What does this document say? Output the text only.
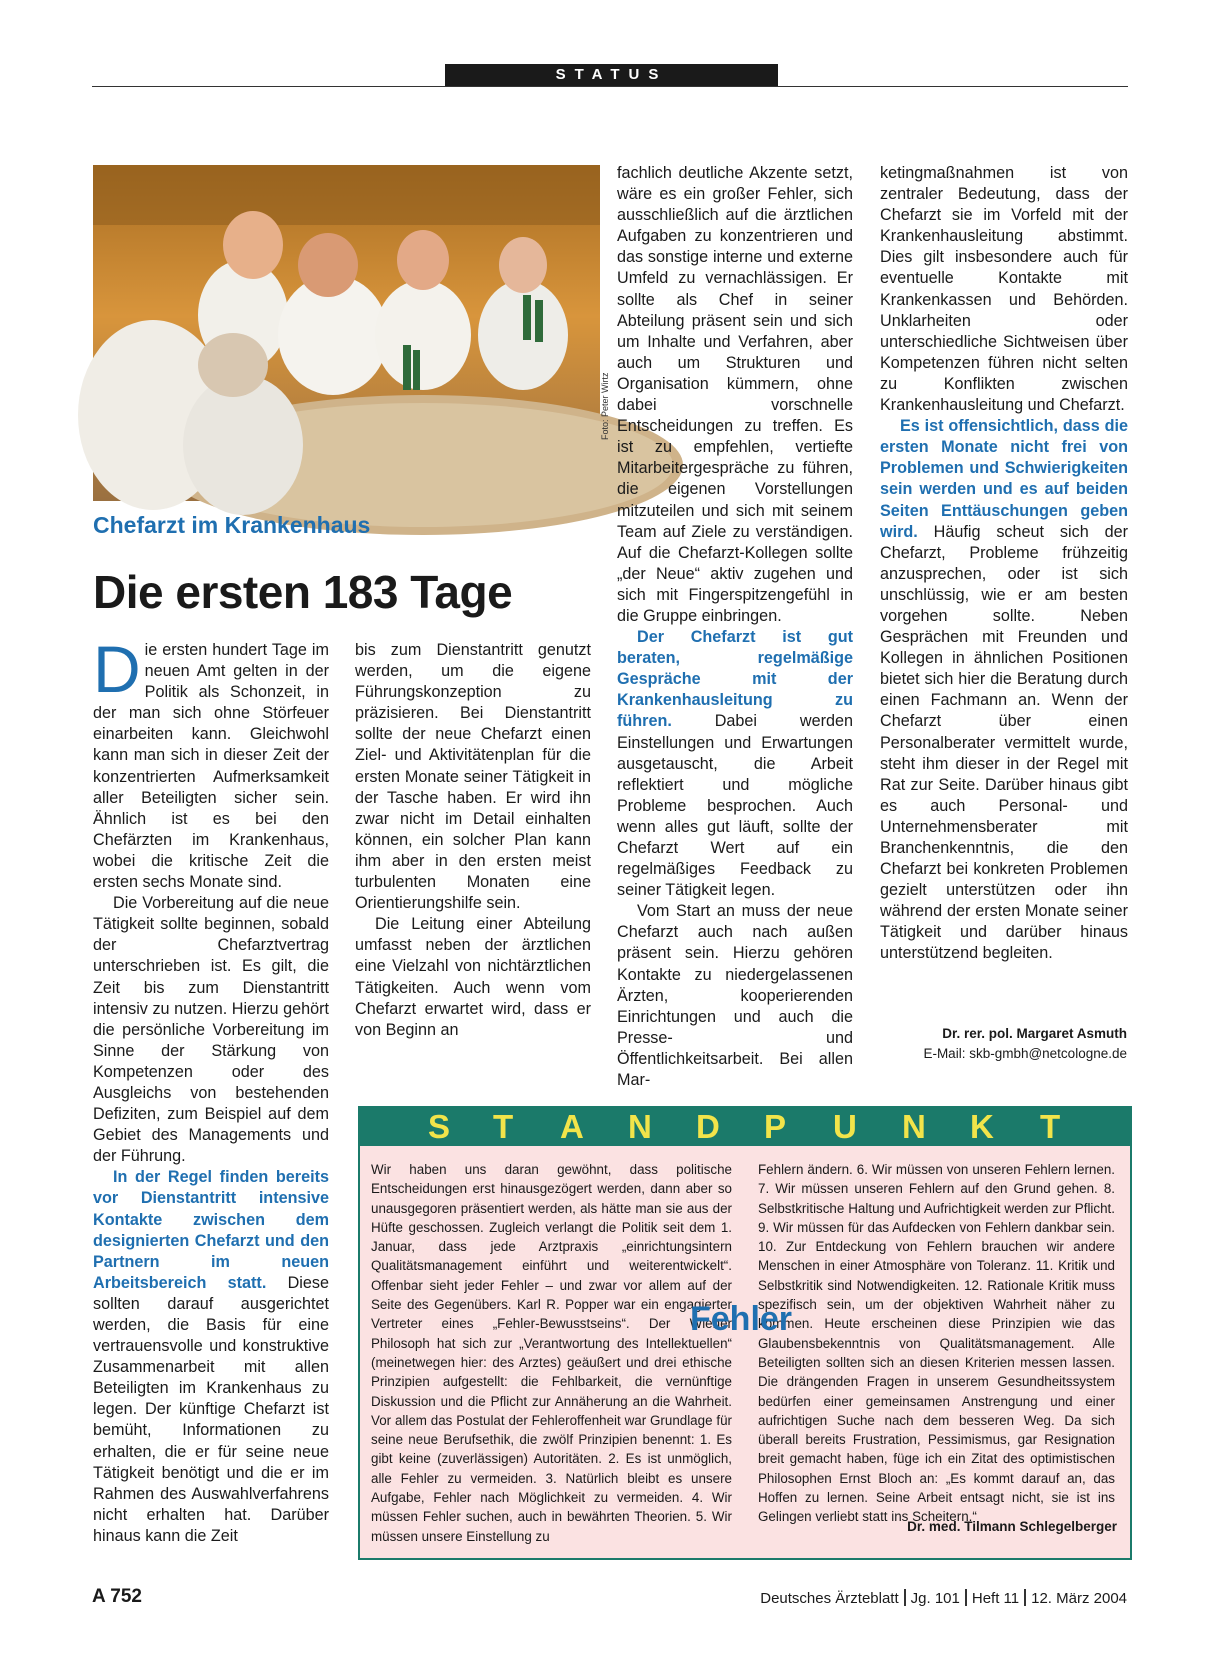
STATUS
Foto: Peter Wirtz
Chefarzt im Krankenhaus
Die ersten 183 Tage

Die ersten hundert Tage im neuen Amt gelten in der Politik als Schonzeit, in der man sich ohne Störfeuer einarbeiten kann. Gleichwohl kann man sich in dieser Zeit der konzentrierten Aufmerksamkeit aller Beteiligten sicher sein. Ähnlich ist es bei den Chefärzten im Krankenhaus, wobei die kritische Zeit die ersten sechs Monate sind.

Die Vorbereitung auf die neue Tätigkeit sollte beginnen, sobald der Chefarztvertrag unterschrieben ist. Es gilt, die Zeit bis zum Dienstantritt intensiv zu nutzen. Hierzu gehört die persönliche Vorbereitung im Sinne der Stärkung von Kompetenzen oder des Ausgleichs von bestehenden Defiziten, zum Beispiel auf dem Gebiet des Managements und der Führung.

In der Regel finden bereits vor Dienstantritt intensive Kontakte zwischen dem designierten Chefarzt und den Partnern im neuen Arbeitsbereich statt. Diese sollten darauf ausgerichtet werden, die Basis für eine vertrauensvolle und konstruktive Zusammenarbeit mit allen Beteiligten im Krankenhaus zu legen. Der künftige Chefarzt ist bemüht, Informationen zu erhalten, die er für seine neue Tätigkeit benötigt und die er im Rahmen des Auswahlverfahrens nicht erhalten hat. Darüber hinaus kann die Zeit

bis zum Dienstantritt genutzt werden, um die eigene Führungskonzeption zu präzisieren. Bei Dienstantritt sollte der neue Chefarzt einen Ziel- und Aktivitätenplan für die ersten Monate seiner Tätigkeit in der Tasche haben. Er wird ihn zwar nicht im Detail einhalten können, ein solcher Plan kann ihm aber in den ersten meist turbulenten Monaten eine Orientierungshilfe sein.

Die Leitung einer Abteilung umfasst neben der ärztlichen eine Vielzahl von nichtärztlichen Tätigkeiten. Auch wenn vom Chefarzt erwartet wird, dass er von Beginn an

fachlich deutliche Akzente setzt, wäre es ein großer Fehler, sich ausschließlich auf die ärztlichen Aufgaben zu konzentrieren und das sonstige interne und externe Umfeld zu vernachlässigen. Er sollte als Chef in seiner Abteilung präsent sein und sich um Inhalte und Verfahren, aber auch um Strukturen und Organisation kümmern, ohne dabei vorschnelle Entscheidungen zu treffen. Es ist zu empfehlen, vertiefte Mitarbeitergespräche zu führen, die eigenen Vorstellungen mitzuteilen und sich mit seinem Team auf Ziele zu verständigen. Auf die Chefarzt-Kollegen sollte „der Neue“ aktiv zugehen und sich mit Fingerspitzengefühl in die Gruppe einbringen.

Der Chefarzt ist gut beraten, regelmäßige Gespräche mit der Krankenhausleitung zu führen. Dabei werden Einstellungen und Erwartungen ausgetauscht, die Arbeit reflektiert und mögliche Probleme besprochen. Auch wenn alles gut läuft, sollte der Chefarzt Wert auf ein regelmäßiges Feedback zu seiner Tätigkeit legen.

Vom Start an muss der neue Chefarzt auch nach außen präsent sein. Hierzu gehören Kontakte zu niedergelassenen Ärzten, kooperierenden Einrichtungen und auch die Presse- und Öffentlichkeitsarbeit. Bei allen Mar-

ketingmaßnahmen ist von zentraler Bedeutung, dass der Chefarzt sie im Vorfeld mit der Krankenhausleitung abstimmt. Dies gilt insbesondere auch für eventuelle Kontakte mit Krankenkassen und Behörden. Unklarheiten oder unterschiedliche Sichtweisen über Kompetenzen führen nicht selten zu Konflikten zwischen Krankenhausleitung und Chefarzt.

Es ist offensichtlich, dass die ersten Monate nicht frei von Problemen und Schwierigkeiten sein werden und es auf beiden Seiten Enttäuschungen geben wird. Häufig scheut sich der Chefarzt, Probleme frühzeitig anzusprechen, oder ist sich unschlüssig, wie er am besten vorgehen sollte. Neben Gesprächen mit Freunden und Kollegen in ähnlichen Positionen bietet sich hier die Beratung durch einen Fachmann an. Wenn der Chefarzt über einen Personalberater vermittelt wurde, steht ihm dieser in der Regel mit Rat zur Seite. Darüber hinaus gibt es auch Personal- und Unternehmensberater mit Branchenkenntnis, die den Chefarzt bei konkreten Problemen gezielt unterstützen oder ihn während der ersten Monate seiner Tätigkeit und darüber hinaus unterstützend begleiten.

Dr. rer. pol. Margaret Asmuth
E-Mail: skb-gmbh@netcologne.de
S T A N D P U N K T

Wir haben uns daran gewöhnt, dass politische Entscheidungen erst hinausgezögert werden, dann aber so unausgegoren präsentiert werden, als hätte man sie aus der Hüfte geschossen. Zugleich verlangt die Politik seit dem 1. Januar, dass jede Arztpraxis „einrichtungsintern Qualitätsmanagement einführt und weiterentwickelt“. Offenbar sieht jeder Fehler – und zwar vor allem auf der Seite des Gegenübers. Karl R. Popper war ein engagierter Vertreter eines „Fehler-Bewusstseins“. Der Wiener Philosoph hat sich zur „Verantwortung des Intellektuellen“ (meinetwegen hier: des Arztes) geäußert und drei ethische Prinzipien aufgestellt: die Fehlbarkeit, die vernünftige Diskussion und die Pflicht zur Annäherung an die Wahrheit. Vor allem das Postulat der Fehleroffenheit war Grundlage für seine neue Berufsethik, die zwölf Prinzipien benennt: 1. Es gibt keine (zuverlässigen) Autoritäten. 2. Es ist unmöglich, alle Fehler zu vermeiden. 3. Natürlich bleibt es unsere Aufgabe, Fehler nach Möglichkeit zu vermeiden. 4. Wir müssen Fehler suchen, auch in bewährten Theorien. 5. Wir müssen unsere Einstellung zu

Fehlern ändern. 6. Wir müssen von unseren Fehlern lernen. 7. Wir müssen unseren Fehlern auf den Grund gehen. 8. Selbstkritische Haltung und Aufrichtigkeit werden zur Pflicht. 9. Wir müssen für das Aufdecken von Fehlern dankbar sein. 10. Zur Entdeckung von Fehlern brauchen wir andere Menschen in einer Atmosphäre von Toleranz. 11. Kritik und Selbstkritik sind Notwendigkeiten. 12. Rationale Kritik muss spezifisch sein, um der objektiven Wahrheit näher zu kommen. Heute erscheinen diese Prinzipien wie das Glaubensbekenntnis von Qualitätsmanagement. Alle Beteiligten sollten sich an diesen Kriterien messen lassen. Die drängenden Fragen in unserem Gesundheitssystem bedürfen einer gemeinsamen Anstrengung und einer aufrichtigen Suche nach dem besseren Weg. Da sich überall bereits Frustration, Pessimismus, gar Resignation breit gemacht haben, füge ich ein Zitat des optimistischen Philosophen Ernst Bloch an: „Es kommt darauf an, das Hoffen zu lernen. Seine Arbeit entsagt nicht, sie ist ins Gelingen verliebt statt ins Scheitern.“

Fehler
Dr. med. Tilmann Schlegelberger
A 752	Deutsches Ärzteblatt Jg. 101 Heft 11 12. März 2004
